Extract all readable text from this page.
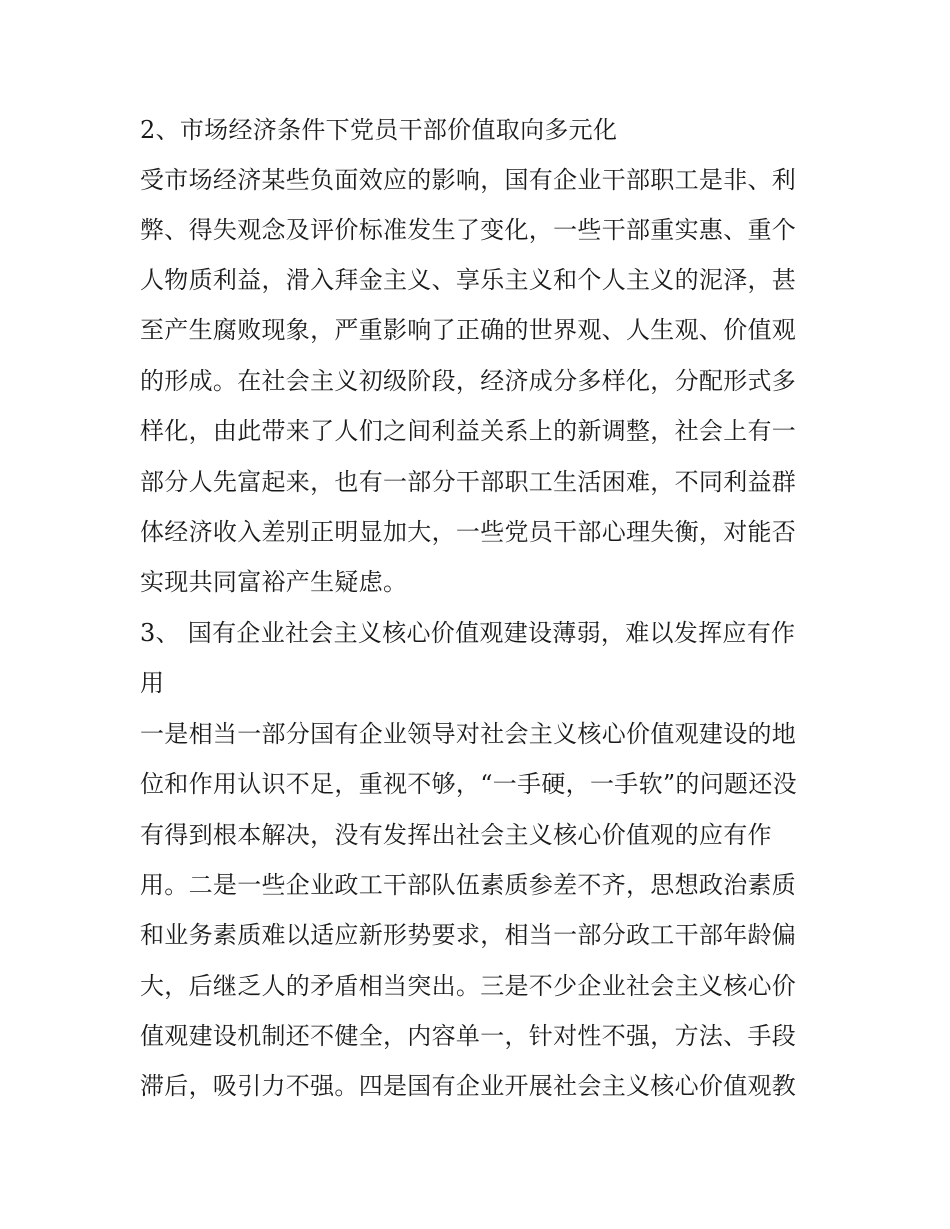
2、市场经济条件下党员干部价值取向多元化
受市场经济某些负面效应的影响，国有企业干部职工是非、利
弊、得失观念及评价标准发生了变化，一些干部重实惠、重个
人物质利益，滑入拜金主义、享乐主义和个人主义的泥泽，甚
至产生腐败现象，严重影响了正确的世界观、人生观、价值观
的形成。在社会主义初级阶段，经济成分多样化，分配形式多
样化，由此带来了人们之间利益关系上的新调整，社会上有一
部分人先富起来，也有一部分干部职工生活困难，不同利益群
体经济收入差别正明显加大，一些党员干部心理失衡，对能否
实现共同富裕产生疑虑。
3、 国有企业社会主义核心价值观建设薄弱，难以发挥应有作
用
一是相当一部分国有企业领导对社会主义核心价值观建设的地
位和作用认识不足，重视不够，“一手硬，一手软”的问题还没
有得到根本解决，没有发挥出社会主义核心价值观的应有作
用。二是一些企业政工干部队伍素质参差不齐，思想政治素质
和业务素质难以适应新形势要求，相当一部分政工干部年龄偏
大，后继乏人的矛盾相当突出。三是不少企业社会主义核心价
值观建设机制还不健全，内容单一，针对性不强，方法、手段
滞后，吸引力不强。四是国有企业开展社会主义核心价值观教
